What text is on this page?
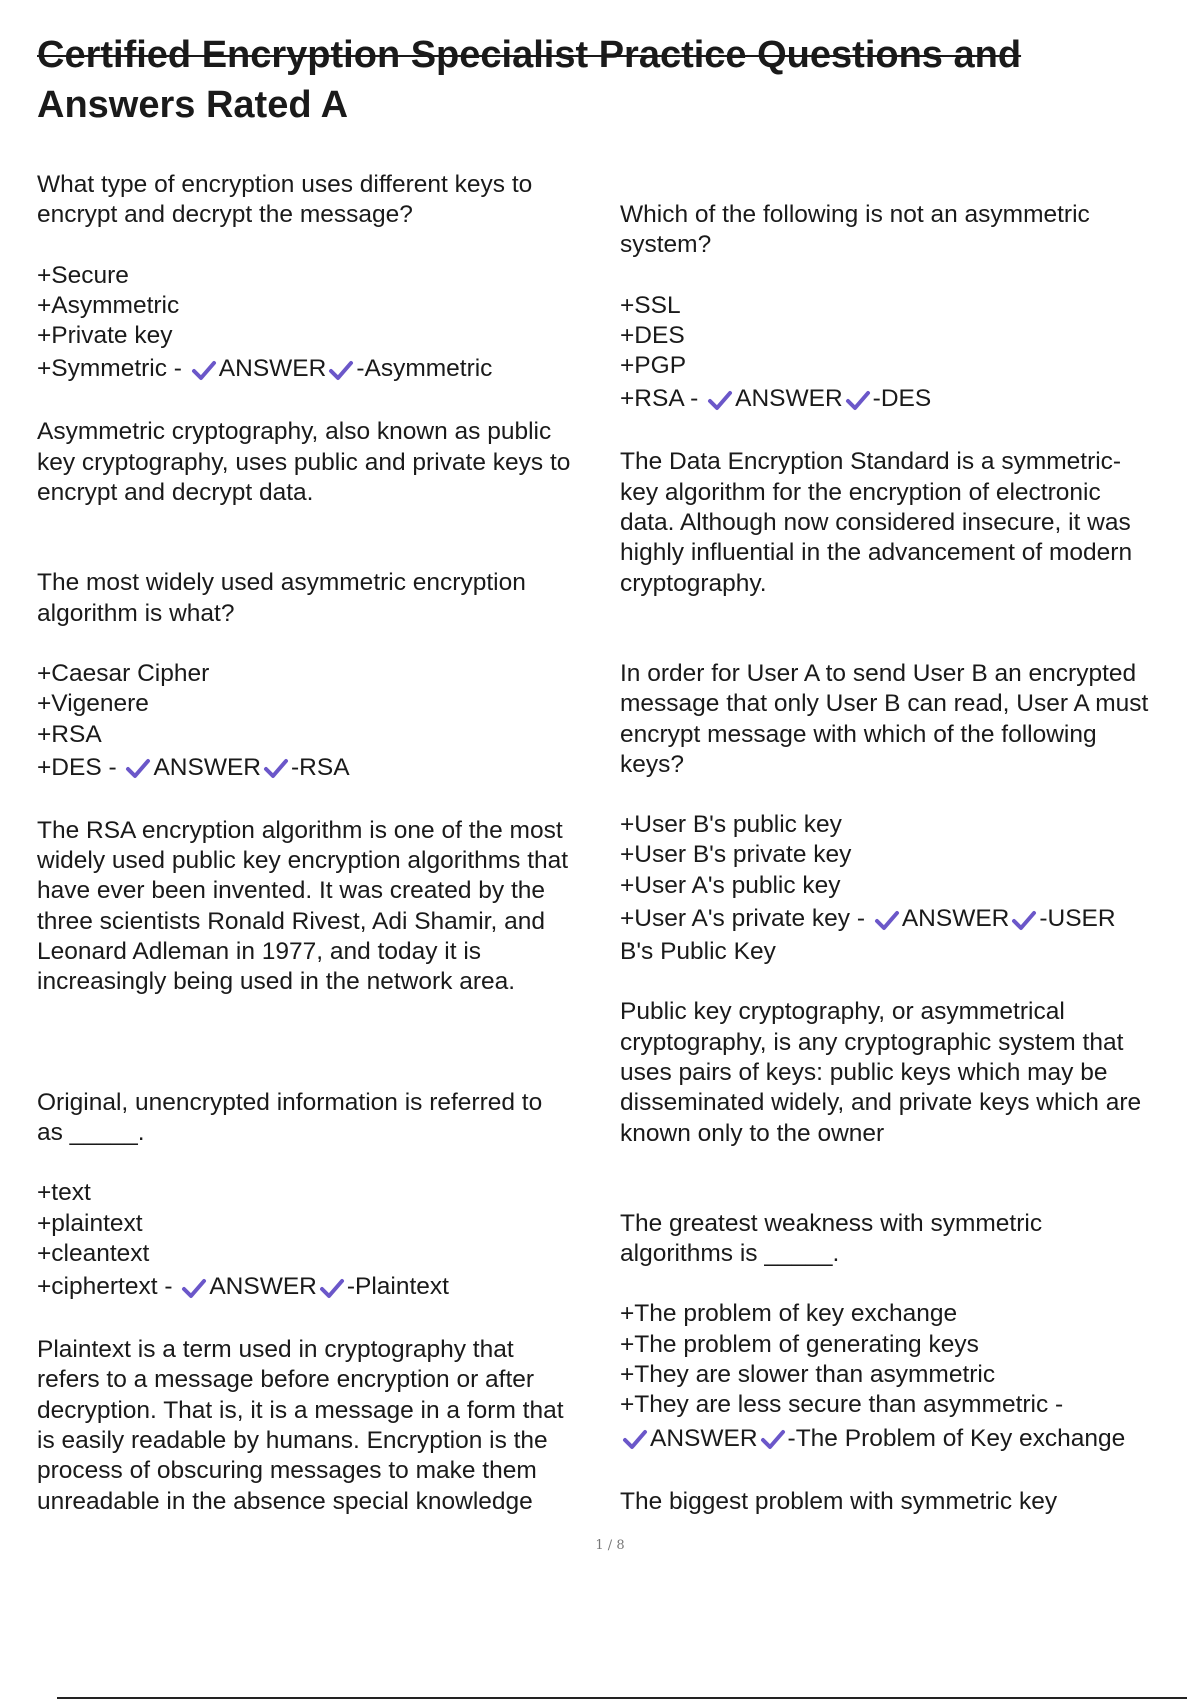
Certified Encryption Specialist Practice Questions and
Answers Rated A
What type of encryption uses different keys to
encrypt and decrypt the message?
+Secure
+Asymmetric
+Private key
+Symmetric - ANSWER -Asymmetric
Asymmetric cryptography, also known as public
key cryptography, uses public and private keys to
encrypt and decrypt data.
The most widely used asymmetric encryption
algorithm is what?
+Caesar Cipher
+Vigenere
+RSA
+DES - ANSWER -RSA
The RSA encryption algorithm is one of the most
widely used public key encryption algorithms that
have ever been invented. It was created by the
three scientists Ronald Rivest, Adi Shamir, and
Leonard Adleman in 1977, and today it is
increasingly being used in the network area.
Original, unencrypted information is referred to
as _____.
+text
+plaintext
+cleantext
+ciphertext - ANSWER -Plaintext
Plaintext is a term used in cryptography that
refers to a message before encryption or after
decryption. That is, it is a message in a form that
is easily readable by humans. Encryption is the
process of obscuring messages to make them
unreadable in the absence special knowledge
Which of the following is not an asymmetric
system?
+SSL
+DES
+PGP
+RSA - ANSWER -DES
The Data Encryption Standard is a symmetric-
key algorithm for the encryption of electronic
data. Although now considered insecure, it was
highly influential in the advancement of modern
cryptography.
In order for User A to send User B an encrypted
message that only User B can read, User A must
encrypt message with which of the following
keys?
+User B's public key
+User B's private key
+User A's public key
+User A's private key - ANSWER -USER
B's Public Key
Public key cryptography, or asymmetrical
cryptography, is any cryptographic system that
uses pairs of keys: public keys which may be
disseminated widely, and private keys which are
known only to the owner
The greatest weakness with symmetric
algorithms is _____.
+The problem of key exchange
+The problem of generating keys
+They are slower than asymmetric
+They are less secure than asymmetric -
ANSWER -The Problem of Key exchange
The biggest problem with symmetric key
1 / 8
